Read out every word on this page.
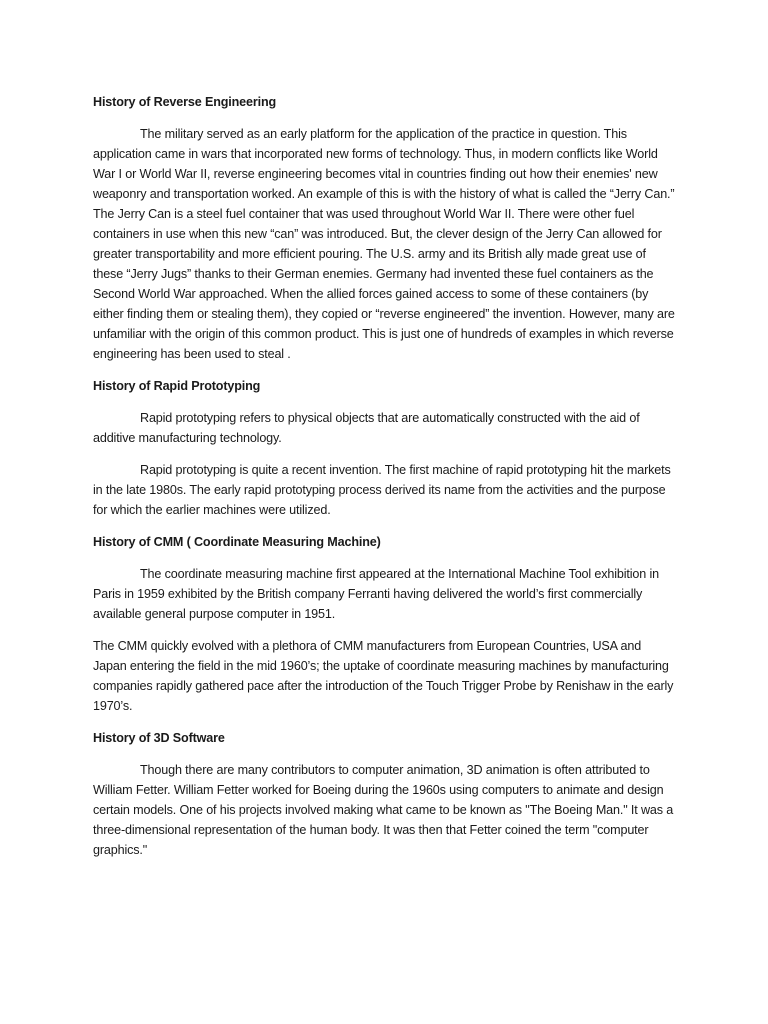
History of Reverse Engineering

The military served as an early platform for the application of the practice in question. This application came in wars that incorporated new forms of technology. Thus, in modern conflicts like World War I or World War II, reverse engineering becomes vital in countries finding out how their enemies' new weaponry and transportation worked. An example of this is with the history of what is called the “Jerry Can.” The Jerry Can is a steel fuel container that was used throughout World War II. There were other fuel containers in use when this new “can” was introduced. But, the clever design of the Jerry Can allowed for greater transportability and more efficient pouring. The U.S. army and its British ally made great use of these “Jerry Jugs” thanks to their German enemies. Germany had invented these fuel containers as the Second World War approached. When the allied forces gained access to some of these containers (by either finding them or stealing them), they copied or “reverse engineered” the invention. However, many are unfamiliar with the origin of this common product. This is just one of hundreds of examples in which reverse engineering has been used to steal .

History of Rapid Prototyping

Rapid prototyping refers to physical objects that are automatically constructed with the aid of additive manufacturing technology.

Rapid prototyping is quite a recent invention. The first machine of rapid prototyping hit the markets in the late 1980s. The early rapid prototyping process derived its name from the activities and the purpose for which the earlier machines were utilized.

History of CMM ( Coordinate Measuring Machine)

The coordinate measuring machine first appeared at the International Machine Tool exhibition in Paris in 1959 exhibited by the British company Ferranti having delivered the world’s first commercially available general purpose computer in 1951.

The CMM quickly evolved with a plethora of CMM manufacturers from European Countries, USA and Japan entering the field in the mid 1960’s; the uptake of coordinate measuring machines by manufacturing companies rapidly gathered pace after the introduction of the Touch Trigger Probe by Renishaw in the early 1970’s.

History of 3D Software

Though there are many contributors to computer animation, 3D animation is often attributed to William Fetter. William Fetter worked for Boeing during the 1960s using computers to animate and design certain models. One of his projects involved making what came to be known as "The Boeing Man." It was a three-dimensional representation of the human body. It was then that Fetter coined the term "computer graphics."
